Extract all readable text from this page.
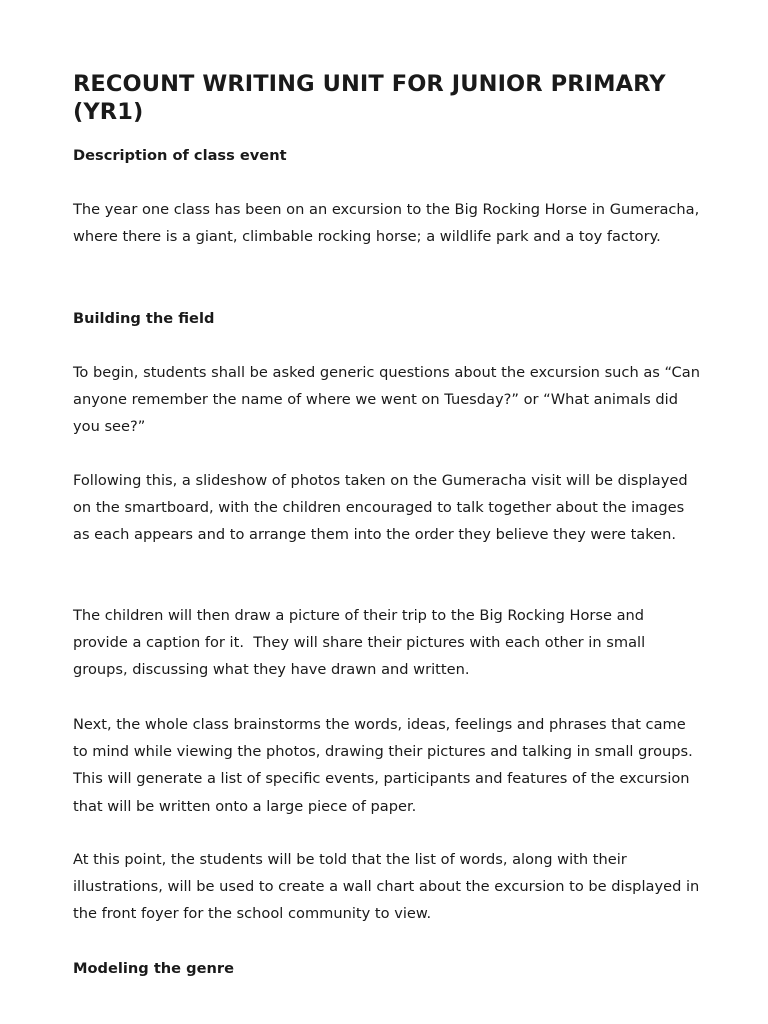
RECOUNT WRITING UNIT FOR JUNIOR PRIMARY (YR1)
Description of class event

The year one class has been on an excursion to the Big Rocking Horse in Gumeracha, where there is a giant, climbable rocking horse; a wildlife park and a toy factory.

Building the field

To begin, students shall be asked generic questions about the excursion such as “Can anyone remember the name of where we went on Tuesday?” or “What animals did you see?”

Following this, a slideshow of photos taken on the Gumeracha visit will be displayed on the smartboard, with the children encouraged to talk together about the images as each appears and to arrange them into the order they believe they were taken.

The children will then draw a picture of their trip to the Big Rocking Horse and provide a caption for it.  They will share their pictures with each other in small groups, discussing what they have drawn and written.

Next, the whole class brainstorms the words, ideas, feelings and phrases that came to mind while viewing the photos, drawing their pictures and talking in small groups.  This will generate a list of specific events, participants and features of the excursion that will be written onto a large piece of paper.

At this point, the students will be told that the list of words, along with their illustrations, will be used to create a wall chart about the excursion to be displayed in the front foyer for the school community to view.

Modeling the genre
